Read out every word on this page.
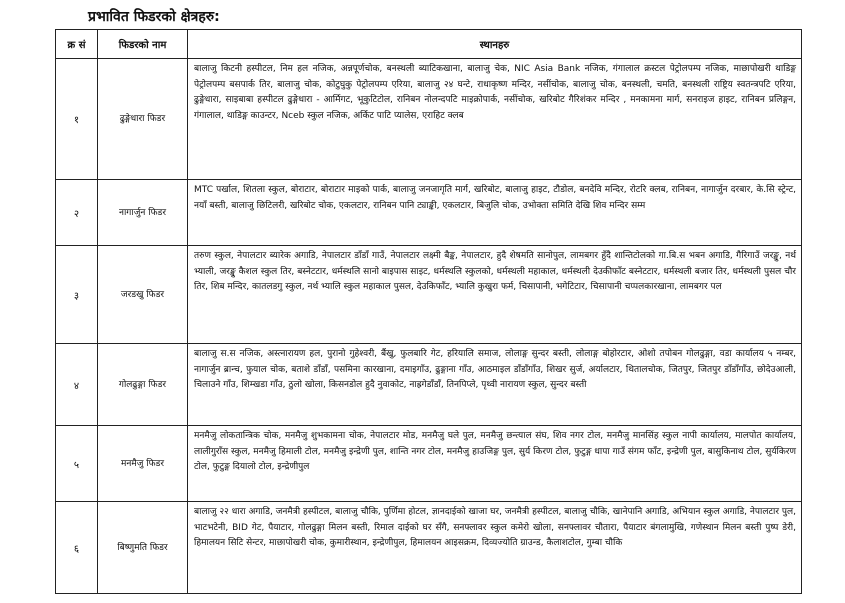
प्रभावित फिडरको क्षेत्रहरु:
क्र सं	फिडरको नाम	स्थानहरु
१	ढुङ्गेधारा फिडर	बालाजु किटनी हस्पीटल, निम हल नजिक, अन्नपूर्णचोक, बनस्थली ब्याटिकखाना, बालाजु चेक, NIC Asia Bank नजिक, गंगालाल क्रस्टल पेट्रोलपम्प नजिक, माछापोखरी थाडिङ्ग पेट्रोलपम्प बसपार्क तिर, बालाजु चोक, कोटुघुकु पेट्रोलपम्प एरिया, बालाजु २४ घन्टे, राधाकृष्ण मन्दिर, नसींचोक, बालाजु चोक, बनस्थली, चमति, बनस्थली राष्ट्रिय स्वतन्त्रपटि एरिया, ढुङ्गेधारा, साइबाबा हस्पीटल ढुङ्गेधारा - आर्मिगट, भूकुटिटोल, रानिबन नोलन्दपटि माइक्रोपार्क, नसींचोक, खरिबोट गैरिशंकर मन्दिर , मनकामना मार्ग, सनराइज हाइट, रानिबन प्रलिङ्गन, गंगालाल, थाडिङ्ग काउन्टर, Nceb स्कुल नजिक, अर्किट पाटि प्यालेस, एराहिट क्लब
२	नागार्जुन फिडर	MTC पर्खाल, शितला स्कुल, बोराटार, बोराटार माइको पार्क, बालाजु जनजागृति मार्ग, खरिबोट, बालाजु हाइट, टौडोल, बनदेवि मन्दिर, रोटरि क्लब, रानिबन, नागार्जुन दरबार, के.सि स्ट्रेन्ट, नयाँ बस्ती, बालाजु छिटिलरी, खरिबोट चोक, एकलटार, रानिबन पानि ट्याङ्की, एकलटार, बिजुलि चोक, उभोक्ता समिति देखि शिव मन्दिर सम्म
३	जरडखु फिडर	तरुण स्कुल, नेपालटार ब्यारेक अगाडि, नेपालटार डाँडाँ गाउँ, नेपालटार लक्ष्मी बैङ्क, नेपालटार, हुदै शेषमति सानोपुल, लामबगर हुँदै शान्तिटोलको गा.बि.स भबन अगाडि, गैरिगाउँ जरङ्खु, नर्थ भ्याली, जरङ्खु कैशल स्कुल तिर, बस्नेटटार, धर्मस्थलि सानो बाइपास साइट, धर्मस्थलि स्कुलको, धर्मस्थली महाकाल, धर्मस्थली देउकीफाँट बस्नेटटार, धर्मस्थली बजार तिर, धर्मस्थली पुसल चौर तिर, शिब मन्दिर, कातलडगु स्कुल, नर्थ भ्यालि स्कुल महाकाल पुसल, देउकिफाँट, भ्यालि कुखुरा फर्म, चिसापानी, भगेटिटार, चिसापानी चप्पलकारखाना, लामबगर पल
४	गोलढुङ्गा फिडर	बालाजु स.स नजिक, अस्त्नारायण हल, पुरानो गुहेश्वरी, बैंखु, फुलबारि गेट, हरियालि समाज, लोलाङ्ग सुन्दर बस्ती, लोलाङ्ग बोहोरटार, ओशो तपोबन गोलढुङ्गा, वडा कार्यालय ५ नम्बर, नागार्जुन ब्रान्च, फुयाल चोक, बताशे डाँडाँ, पसमिना कारखाना, दमाइगाँउ, ढुङ्गाना गाँउ, आठमाइल डाँडाँगाँउ, शिखर सुर्ज, अर्यालटार, थितालचोक, जितपुर, जितपुर डाँडाँगाँउ, छोदेउआली, चिलाउने गाँउ, शिम्खडा गाँउ, ठुलो खोला, किसनडोल हुदै नुवाकोट, नाह्रगेडाँडाँ, तिनपिप्ले, पृथ्वी नारायण स्कुल, सुन्दर बस्ती
५	मनमैजु फिडर	मनमैजु लोकतान्त्रिक चोक, मनमैजु शुभकामना चोक, नेपालटार मोड, मनमैजु घले पुल, मनमैजु छन्त्याल संघ, शिव नगर टोल, मनमैजु मानसिंह स्कुल नापी कार्यालय, मालपोत कार्यालय, लालीगुराँस स्कुल, मनमैजु हिमाली टोल, मनमैजु इन्द्रेणी पुल, शान्ति नगर टोल, मनमैजु हाउजिङ्ग पुल, सुर्य किरण टोल, फुटुङ्ग धापा गाउँ संगम फाँट, इन्द्रेणी पुल, बासुकिनाथ टोल, सुर्यकिरण टोल, फुटुङ्ग दियालो टोल, इन्द्रेणीपुल
६	बिष्णुमति फिडर	बालाजु २२ धारा अगाडि, जनमैत्री हस्पीटल, बालाजु चौकि, पुर्णिमा होटल, ज्ञानदाईको खाजा घर, जनमैत्री हस्पीटल, बालाजु चौकि, खानेपानि अगाडि, अभियान स्कुल अगाडि, नेपालटार पुल, भाटभटेनी, BID गेट, पैयाटार, गोलढुङ्गा मिलन बस्ती, रिमाल दाईको घर सँगै, सनफ्लावर स्कुल कमेरो खोला, सनफ्लावर चौतारा, पैयाटार बंगलामुखि, गणेस्थान मिलन बस्ती पुष्प डेरी, हिमालयन सिटि सेन्टर, माछापोखरी चोक, कुमारीस्थान, इन्द्रेणीपुल, हिमालयन आइसक्रम, दिव्यज्योति ग्राउन्ड, कैलाशटोल, गुम्बा चौकि
